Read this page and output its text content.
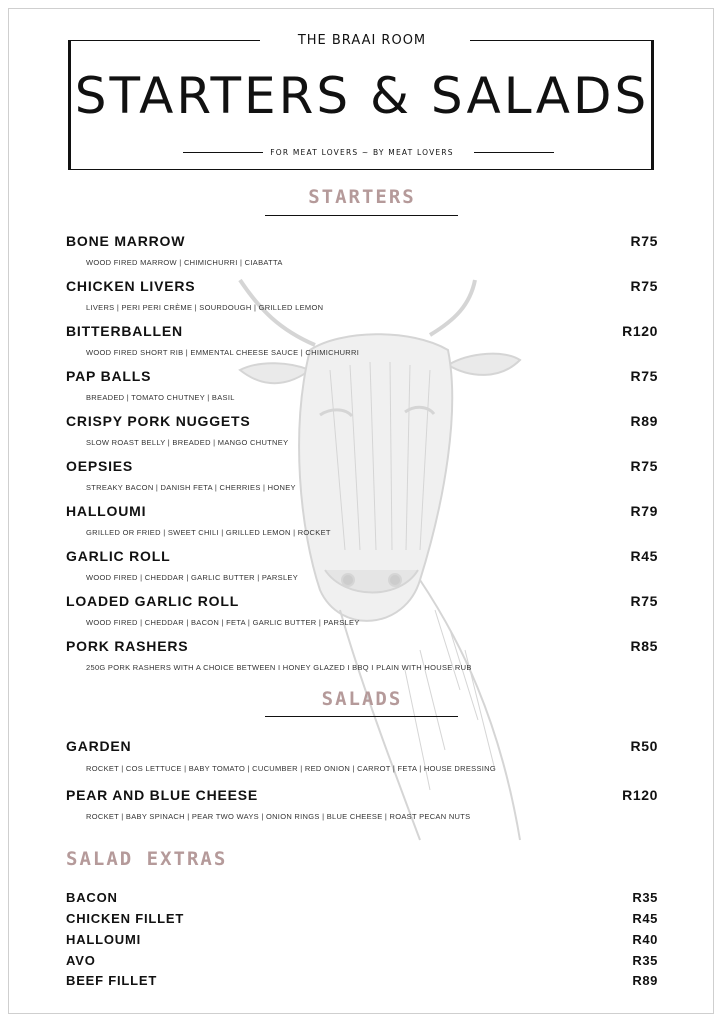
THE BRAAI ROOM
STARTERS & SALADS
FOR MEAT LOVERS ~ BY MEAT LOVERS
STARTERS
BONE MARROW	R75
WOOD FIRED MARROW | CHIMICHURRI | CIABATTA
CHICKEN LIVERS	R75
LIVERS | PERI PERI CRÈME | SOURDOUGH | GRILLED LEMON
BITTERBALLEN	R120
WOOD FIRED SHORT RIB | EMMENTAL CHEESE SAUCE | CHIMICHURRI
PAP BALLS	R75
BREADED | TOMATO CHUTNEY | BASIL
CRISPY PORK NUGGETS	R89
SLOW ROAST BELLY | BREADED | MANGO CHUTNEY
OEPSIES	R75
STREAKY BACON | DANISH FETA | CHERRIES | HONEY
HALLOUMI	R79
GRILLED OR FRIED | SWEET CHILI | GRILLED LEMON | ROCKET
GARLIC ROLL	R45
WOOD FIRED | CHEDDAR | GARLIC BUTTER | PARSLEY
LOADED GARLIC ROLL	R75
WOOD FIRED | CHEDDAR | BACON | FETA | GARLIC BUTTER | PARSLEY
PORK RASHERS	R85
250G PORK RASHERS WITH A CHOICE BETWEEN I HONEY GLAZED I BBQ I PLAIN WITH HOUSE RUB
SALADS
GARDEN	R50
ROCKET | COS LETTUCE | BABY TOMATO | CUCUMBER | RED ONION | CARROT | FETA | HOUSE DRESSING
PEAR AND BLUE CHEESE	R120
ROCKET | BABY SPINACH | PEAR TWO WAYS | ONION RINGS | BLUE CHEESE | ROAST PECAN NUTS
SALAD EXTRAS
BACON	R35
CHICKEN FILLET	R45
HALLOUMI	R40
AVO	R35
BEEF FILLET	R89
